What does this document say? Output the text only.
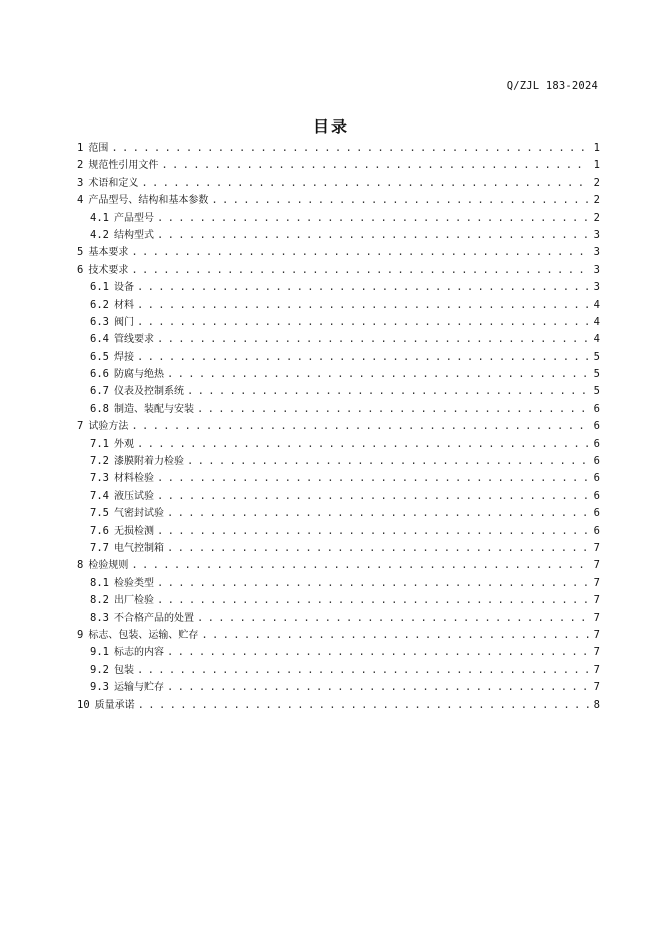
Q/ZJL 183-2024
目录
1 范围 . . .	1
2 规范性引用文件 . . .	1
3 术语和定义 . . .	2
4 产品型号、结构和基本参数 . . .	2
4.1 产品型号 . . .	2
4.2 结构型式 . . .	3
5 基本要求 . . .	3
6 技术要求 . . .	3
6.1 设备 . . .	3
6.2 材料 . . .	4
6.3 阀门 . . .	4
6.4 管线要求 . . .	4
6.5 焊接 . . .	5
6.6 防腐与绝热 . . .	5
6.7 仪表及控制系统 . . .	5
6.8 制造、装配与安装 . . .	6
7 试验方法 . . .	6
7.1 外观 . . .	6
7.2 漆膜附着力检验 . . .	6
7.3 材料检验 . . .	6
7.4 液压试验 . . .	6
7.5 气密封试验 . . .	6
7.6 无损检测 . . .	6
7.7 电气控制箱 . . .	7
8 检验规则 . . .	7
8.1 检验类型 . . .	7
8.2 出厂检验 . . .	7
8.3 不合格产品的处置 . . .	7
9 标志、包装、运输、贮存 . . .	7
9.1 标志的内容 . . .	7
9.2 包装 . . .	7
9.3 运输与贮存 . . .	7
10 质量承诺 . . .	8
